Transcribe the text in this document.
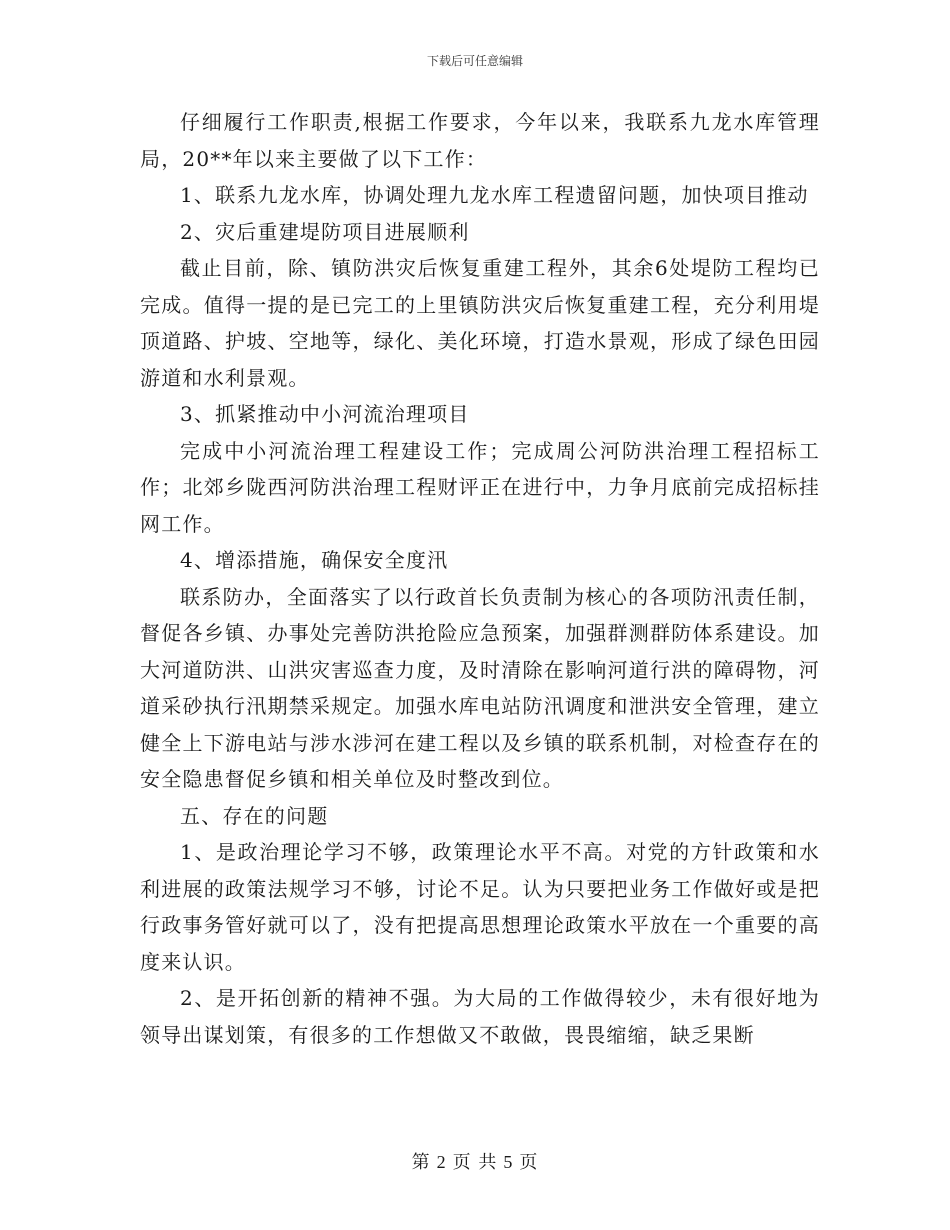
下载后可任意编辑

仔细履行工作职责,根据工作要求，今年以来，我联系九龙水库管理局，20**年以来主要做了以下工作：

1、联系九龙水库，协调处理九龙水库工程遗留问题，加快项目推动

2、灾后重建堤防项目进展顺利

截止目前，除、镇防洪灾后恢复重建工程外，其余6处堤防工程均已完成。值得一提的是已完工的上里镇防洪灾后恢复重建工程，充分利用堤顶道路、护坡、空地等，绿化、美化环境，打造水景观，形成了绿色田园游道和水利景观。

3、抓紧推动中小河流治理项目

完成中小河流治理工程建设工作；完成周公河防洪治理工程招标工作；北郊乡陇西河防洪治理工程财评正在进行中，力争月底前完成招标挂网工作。

4、增添措施，确保安全度汛

联系防办，全面落实了以行政首长负责制为核心的各项防汛责任制，督促各乡镇、办事处完善防洪抢险应急预案，加强群测群防体系建设。加大河道防洪、山洪灾害巡查力度，及时清除在影响河道行洪的障碍物，河道采砂执行汛期禁采规定。加强水库电站防汛调度和泄洪安全管理，建立健全上下游电站与涉水涉河在建工程以及乡镇的联系机制，对检查存在的安全隐患督促乡镇和相关单位及时整改到位。

五、存在的问题

1、是政治理论学习不够，政策理论水平不高。对党的方针政策和水利进展的政策法规学习不够，讨论不足。认为只要把业务工作做好或是把行政事务管好就可以了，没有把提高思想理论政策水平放在一个重要的高度来认识。

2、是开拓创新的精神不强。为大局的工作做得较少，未有很好地为领导出谋划策，有很多的工作想做又不敢做，畏畏缩缩，缺乏果断

第 2 页 共 5 页
